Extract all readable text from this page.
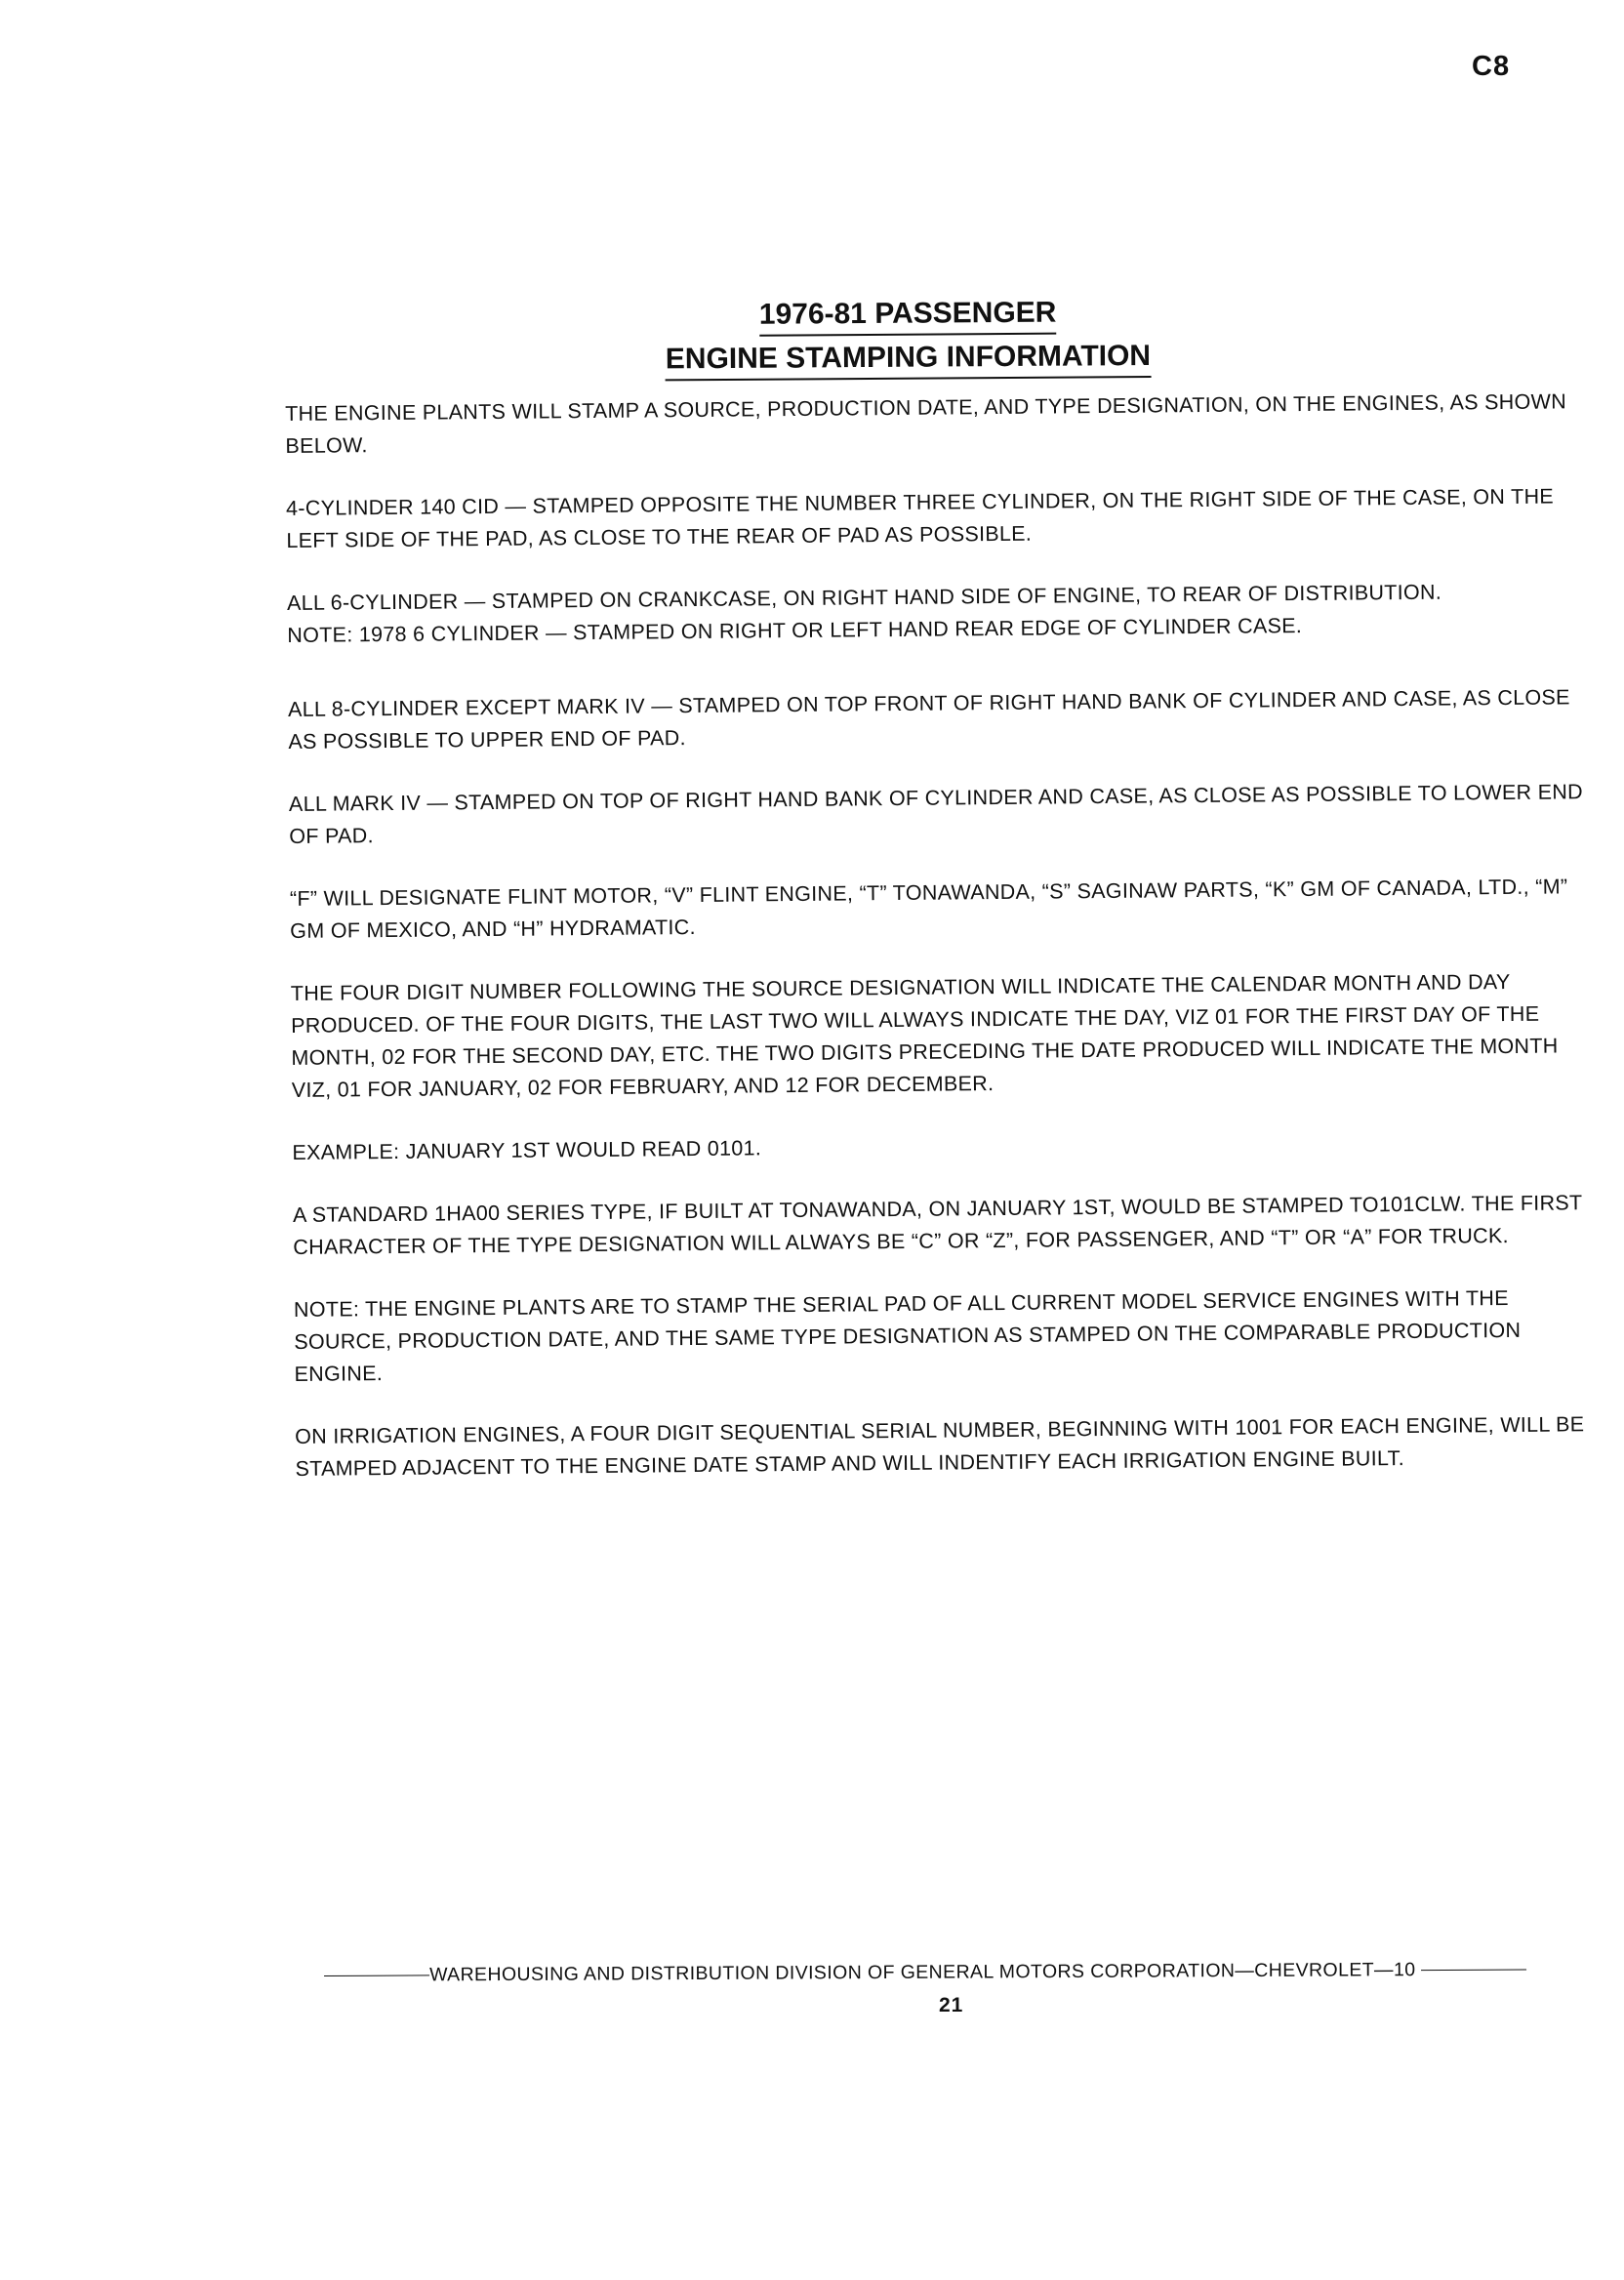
C8
1976-81 PASSENGER
ENGINE STAMPING INFORMATION

THE ENGINE PLANTS WILL STAMP A SOURCE, PRODUCTION DATE, AND TYPE DESIGNATION, ON THE ENGINES, AS SHOWN BELOW.

4-CYLINDER 140 CID — STAMPED OPPOSITE THE NUMBER THREE CYLINDER, ON THE RIGHT SIDE OF THE CASE, ON THE LEFT SIDE OF THE PAD, AS CLOSE TO THE REAR OF PAD AS POSSIBLE.

ALL 6-CYLINDER — STAMPED ON CRANKCASE, ON RIGHT HAND SIDE OF ENGINE, TO REAR OF DISTRIBUTION.

NOTE: 1978 6 CYLINDER — STAMPED ON RIGHT OR LEFT HAND REAR EDGE OF CYLINDER CASE.

ALL 8-CYLINDER EXCEPT MARK IV — STAMPED ON TOP FRONT OF RIGHT HAND BANK OF CYLINDER AND CASE, AS CLOSE AS POSSIBLE TO UPPER END OF PAD.

ALL MARK IV — STAMPED ON TOP OF RIGHT HAND BANK OF CYLINDER AND CASE, AS CLOSE AS POSSIBLE TO LOWER END OF PAD.

“F” WILL DESIGNATE FLINT MOTOR, “V” FLINT ENGINE, “T” TONAWANDA, “S” SAGINAW PARTS, “K” GM OF CANADA, LTD., “M” GM OF MEXICO, AND “H” HYDRAMATIC.

THE FOUR DIGIT NUMBER FOLLOWING THE SOURCE DESIGNATION WILL INDICATE THE CALENDAR MONTH AND DAY PRODUCED. OF THE FOUR DIGITS, THE LAST TWO WILL ALWAYS INDICATE THE DAY, VIZ 01 FOR THE FIRST DAY OF THE MONTH, 02 FOR THE SECOND DAY, ETC. THE TWO DIGITS PRECEDING THE DATE PRODUCED WILL INDICATE THE MONTH VIZ, 01 FOR JANUARY, 02 FOR FEBRUARY, AND 12 FOR DECEMBER.

EXAMPLE: JANUARY 1ST WOULD READ 0101.

A STANDARD 1HA00 SERIES TYPE, IF BUILT AT TONAWANDA, ON JANUARY 1ST, WOULD BE STAMPED TO101CLW. THE FIRST CHARACTER OF THE TYPE DESIGNATION WILL ALWAYS BE “C” OR “Z”, FOR PASSENGER, AND “T” OR “A” FOR TRUCK.

NOTE: THE ENGINE PLANTS ARE TO STAMP THE SERIAL PAD OF ALL CURRENT MODEL SERVICE ENGINES WITH THE SOURCE, PRODUCTION DATE, AND THE SAME TYPE DESIGNATION AS STAMPED ON THE COMPARABLE PRODUCTION ENGINE.

ON IRRIGATION ENGINES, A FOUR DIGIT SEQUENTIAL SERIAL NUMBER, BEGINNING WITH 1001 FOR EACH ENGINE, WILL BE STAMPED ADJACENT TO THE ENGINE DATE STAMP AND WILL INDENTIFY EACH IRRIGATION ENGINE BUILT.

WAREHOUSING AND DISTRIBUTION DIVISION OF GENERAL MOTORS CORPORATION—CHEVROLET—10
21
